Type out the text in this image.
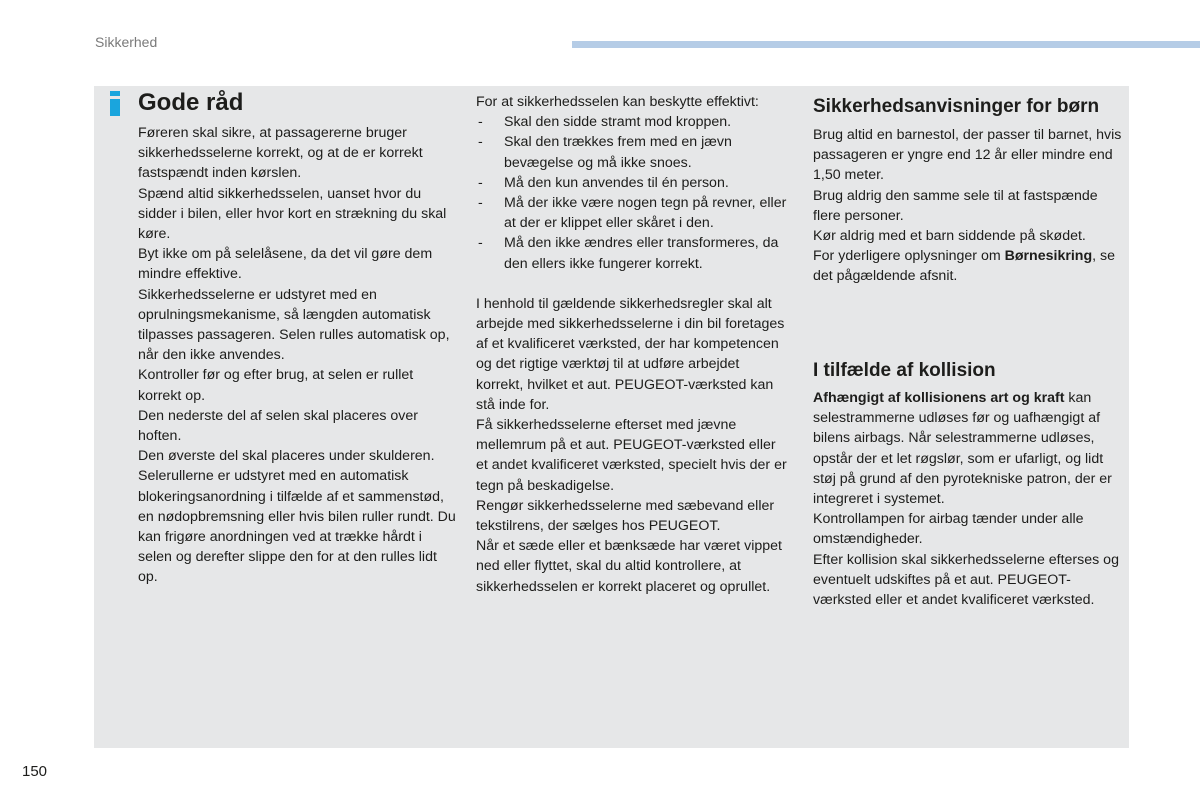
Sikkerhed
Gode råd

Føreren skal sikre, at passagererne bruger sikkerhedsselerne korrekt, og at de er korrekt fastspændt inden kørslen.

Spænd altid sikkerhedsselen, uanset hvor du sidder i bilen, eller hvor kort en strækning du skal køre.

Byt ikke om på selelåsene, da det vil gøre dem mindre effektive.

Sikkerhedsselerne er udstyret med en oprulningsmekanisme, så længden automatisk tilpasses passageren. Selen rulles automatisk op, når den ikke anvendes.

Kontroller før og efter brug, at selen er rullet korrekt op.

Den nederste del af selen skal placeres over hoften.

Den øverste del skal placeres under skulderen.

Selerullerne er udstyret med en automatisk blokeringsanordning i tilfælde af et sammenstød, en nødopbremsning eller hvis bilen ruller rundt. Du kan frigøre anordningen ved at trække hårdt i selen og derefter slippe den for at den rulles lidt op.

For at sikkerhedsselen kan beskytte effektivt:

- Skal den sidde stramt mod kroppen.
- Skal den trækkes frem med en jævn bevægelse og må ikke snoes.
- Må den kun anvendes til én person.
- Må der ikke være nogen tegn på revner, eller at der er klippet eller skåret i den.
- Må den ikke ændres eller transformeres, da den ellers ikke fungerer korrekt.

I henhold til gældende sikkerhedsregler skal alt arbejde med sikkerhedsselerne i din bil foretages af et kvalificeret værksted, der har kompetencen og det rigtige værktøj til at udføre arbejdet korrekt, hvilket et aut. PEUGEOT-værksted kan stå inde for.

Få sikkerhedsselerne efterset med jævne mellemrum på et aut. PEUGEOT-værksted eller et andet kvalificeret værksted, specielt hvis der er tegn på beskadigelse.

Rengør sikkerhedsselerne med sæbevand eller tekstilrens, der sælges hos PEUGEOT.

Når et sæde eller et bænksæde har været vippet ned eller flyttet, skal du altid kontrollere, at sikkerhedsselen er korrekt placeret og oprullet.

Sikkerhedsanvisninger for børn

Brug altid en barnestol, der passer til barnet, hvis passageren er yngre end 12 år eller mindre end 1,50 meter.

Brug aldrig den samme sele til at fastspænde flere personer.

Kør aldrig med et barn siddende på skødet.

For yderligere oplysninger om Børnesikring, se det pågældende afsnit.

I tilfælde af kollision

Afhængigt af kollisionens art og kraft kan selestrammerne udløses før og uafhængigt af bilens airbags. Når selestrammerne udløses, opstår der et let røgslør, som er ufarligt, og lidt støj på grund af den pyrotekniske patron, der er integreret i systemet.

Kontrollampen for airbag tænder under alle omstændigheder.

Efter kollision skal sikkerhedsselerne efterses og eventuelt udskiftes på et aut. PEUGEOT-værksted eller et andet kvalificeret værksted.

150
